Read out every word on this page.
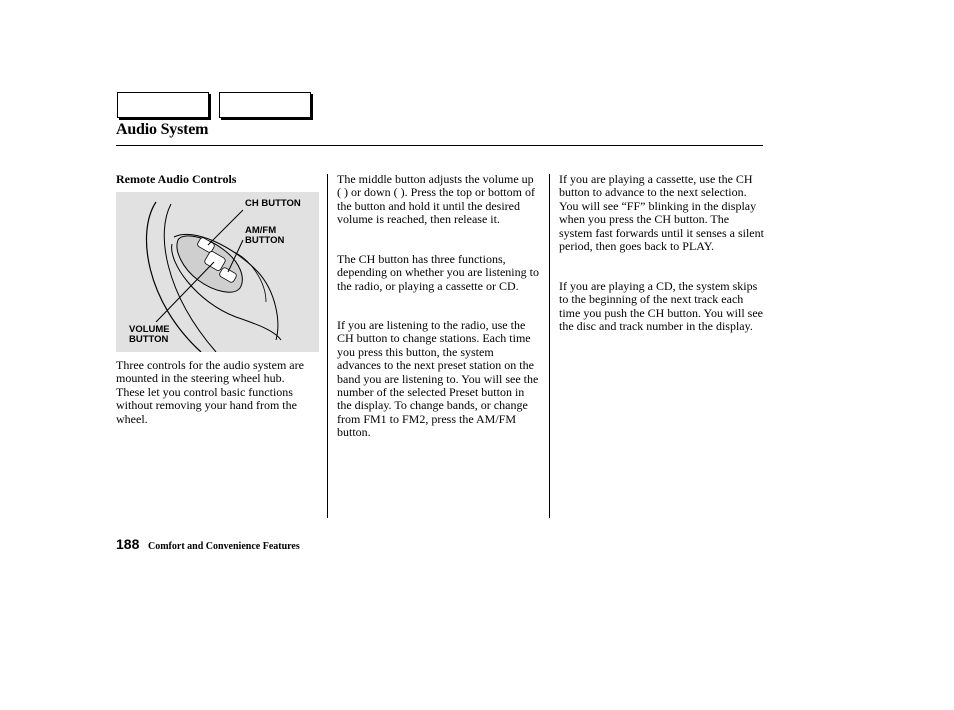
Audio System
Remote Audio Controls
CH BUTTON
AM/FM
BUTTON
VOLUME
BUTTON

Three controls for the audio system are mounted in the steering wheel hub. These let you control basic functions without removing your hand from the wheel.

The middle button adjusts the volume up ( ) or down ( ). Press the top or bottom of the button and hold it until the desired volume is reached, then release it.

The CH button has three functions, depending on whether you are listening to the radio, or playing a cassette or CD.

If you are listening to the radio, use the CH button to change stations. Each time you press this button, the system advances to the next preset station on the band you are listening to. You will see the number of the selected Preset button in the display. To change bands, or change from FM1 to FM2, press the AM/FM button.

If you are playing a cassette, use the CH button to advance to the next selection. You will see “FF” blinking in the display when you press the CH button. The system fast forwards until it senses a silent period, then goes back to PLAY.

If you are playing a CD, the system skips to the beginning of the next track each time you push the CH button. You will see the disc and track number in the display.

188 Comfort and Convenience Features
